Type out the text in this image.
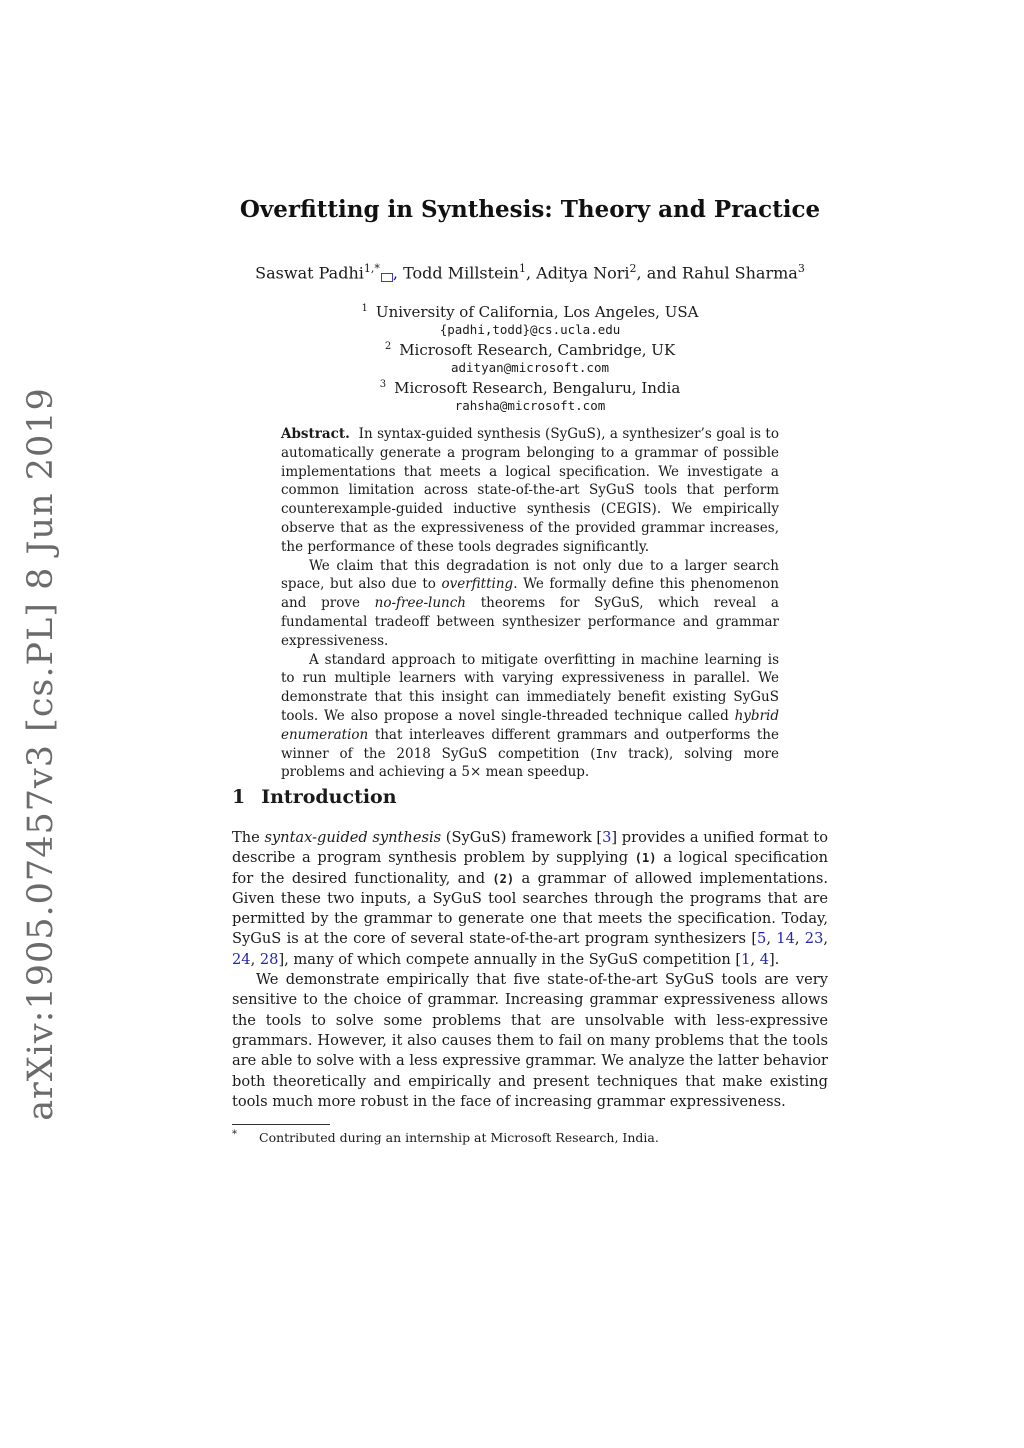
arXiv:1905.07457v3 [cs.PL] 8 Jun 2019
Overfitting in Synthesis: Theory and Practice
Saswat Padhi$^{1,*}$ , Todd Millstein$^1$, Aditya Nori$^2$, and Rahul Sharma$^3$
$^1$ University of California, Los Angeles, USA
{padhi,todd}@cs.ucla.edu
$^2$ Microsoft Research, Cambridge, UK
adityan@microsoft.com
$^3$ Microsoft Research, Bengaluru, India
rahsha@microsoft.com

Abstract. In syntax-guided synthesis (SyGuS), a synthesizer’s goal is to automatically generate a program belonging to a grammar of possible implementations that meets a logical specification. We investigate a common limitation across state-of-the-art SyGuS tools that perform counterexample-guided inductive synthesis (CEGIS). We empirically observe that as the expressiveness of the provided grammar increases, the performance of these tools degrades significantly.

We claim that this degradation is not only due to a larger search space, but also due to overfitting. We formally define this phenomenon and prove no-free-lunch theorems for SyGuS, which reveal a fundamental tradeoff between synthesizer performance and grammar expressiveness.

A standard approach to mitigate overfitting in machine learning is to run multiple learners with varying expressiveness in parallel. We demonstrate that this insight can immediately benefit existing SyGuS tools. We also propose a novel single-threaded technique called hybrid enumeration that interleaves different grammars and outperforms the winner of the 2018 SyGuS competition (Inv track), solving more problems and achieving a 5× mean speedup.

1 Introduction

The syntax-guided synthesis (SyGuS) framework [3] provides a unified format to describe a program synthesis problem by supplying (1) a logical specification for the desired functionality, and (2) a grammar of allowed implementations. Given these two inputs, a SyGuS tool searches through the programs that are permitted by the grammar to generate one that meets the specification. Today, SyGuS is at the core of several state-of-the-art program synthesizers [5, 14, 23, 24, 28], many of which compete annually in the SyGuS competition [1, 4].

We demonstrate empirically that five state-of-the-art SyGuS tools are very sensitive to the choice of grammar. Increasing grammar expressiveness allows the tools to solve some problems that are unsolvable with less-expressive grammars. However, it also causes them to fail on many problems that the tools are able to solve with a less expressive grammar. We analyze the latter behavior both theoretically and empirically and present techniques that make existing tools much more robust in the face of increasing grammar expressiveness.

* Contributed during an internship at Microsoft Research, India.
